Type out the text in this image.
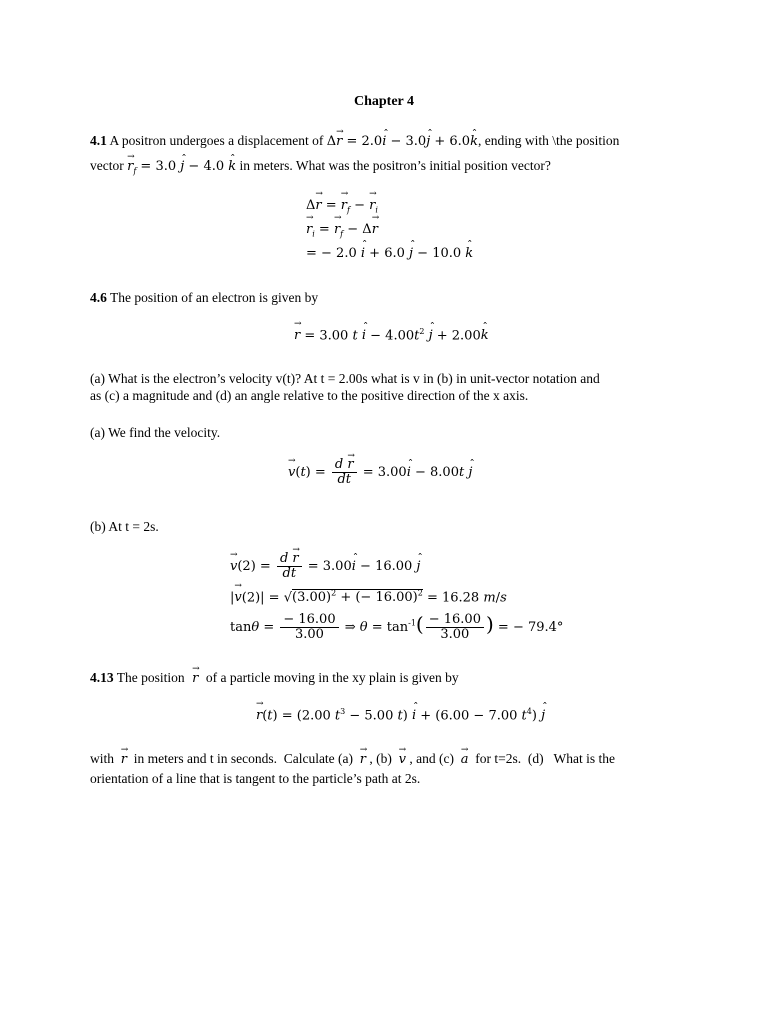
Chapter 4
4.1 A positron undergoes a displacement of Δr → = 2.0i ˆ − 3.0j ˆ + 6.0k ˆ, ending with \the position
vector $r \to_f = 3.0$ j ˆ − 4.0 k ˆ in meters. What was the positron’s initial position vector?
Δr → = $r \to_f - r \to_i$
$r \to_i = r \to_f - \Delta r$ →
= − 2.0 i ˆ + 6.0 j ˆ − 10.0 k ˆ
4.6 The position of an electron is given by
r → = 3.00 t i ˆ − $4.00t^2$ j ˆ + 2.00k ˆ
(a) What is the electron’s velocity v(t)? At t = 2.00s what is v in (b) in unit-vector notation and
as (c) a magnitude and (d) an angle relative to the positive direction of the x axis.
(a) We find the velocity.
$v \to(t) = \frac{\text{d r →}}{dt} = 3.00i$ ˆ − 8.00t j ˆ
(b) At t = 2s.
$v \to(2) = \frac{\text{d r →}}{dt} = 3.00i$ ˆ − 16.00 j ˆ
$|v \to(2)| = √(3.00)^2$ + (− 16.00)$^2$ = 16.28 m/s
$\tan\theta = \frac{- 16.00}{3.00}$ ⇒ $\theta = \tan^{-1}( \frac{- 16.00}{3.00}$ ) = − 79.4°
4.13 The position r → of a particle moving in the xy plain is given by
r →(t) = (2.00 $t^3 - 5.00$ t) i ˆ + (6.00 − 7.00 $t^4$) j ˆ
with  r →  in meters and t in seconds.  Calculate (a)  r → , (b)  v → , and (c)  a →  for t=2s.  (d)   What is the
orientation of a line that is tangent to the particle’s path at 2s.
